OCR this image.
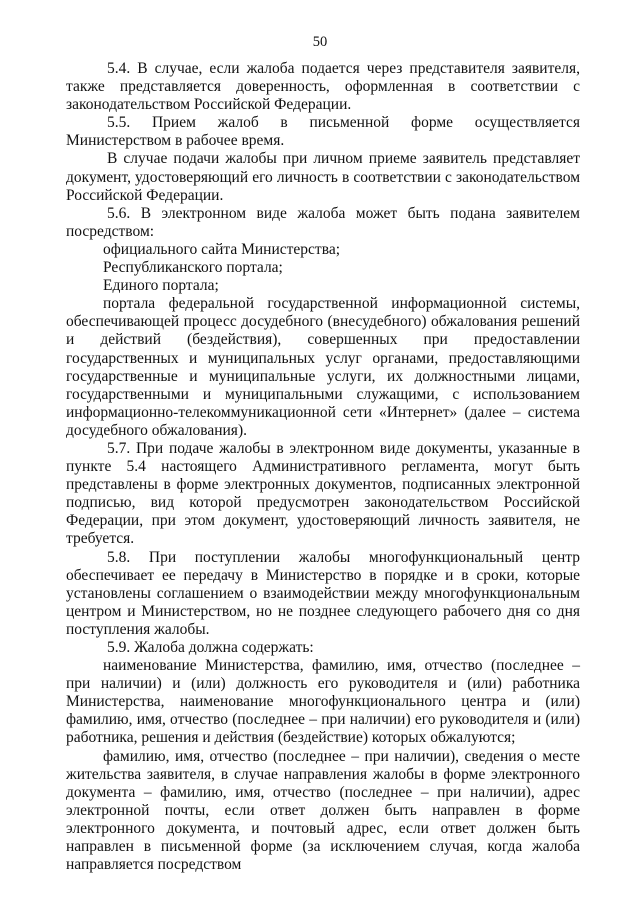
50

5.4. В случае, если жалоба подается через представителя заявителя, также представляется доверенность, оформленная в соответствии с законодательством Российской Федерации.

5.5. Прием жалоб в письменной форме осуществляется Министерством в рабочее время.

В случае подачи жалобы при личном приеме заявитель представляет документ, удостоверяющий его личность в соответствии с законодательством Российской Федерации.

5.6. В электронном виде жалоба может быть подана заявителем посредством:

официального сайта Министерства;

Республиканского портала;

Единого портала;

портала федеральной государственной информационной системы, обеспечивающей процесс досудебного (внесудебного) обжалования решений и действий (бездействия), совершенных при предоставлении государственных и муниципальных услуг органами, предоставляющими государственные и муниципальные услуги, их должностными лицами, государственными и муниципальными служащими, с использованием информационно-телекоммуникационной сети «Интернет» (далее – система досудебного обжалования).

5.7. При подаче жалобы в электронном виде документы, указанные в пункте 5.4 настоящего Административного регламента, могут быть представлены в форме электронных документов, подписанных электронной подписью, вид которой предусмотрен законодательством Российской Федерации, при этом документ, удостоверяющий личность заявителя, не требуется.

5.8. При поступлении жалобы многофункциональный центр обеспечивает ее передачу в Министерство в порядке и в сроки, которые установлены соглашением о взаимодействии между многофункциональным центром и Министерством, но не позднее следующего рабочего дня со дня поступления жалобы.

5.9. Жалоба должна содержать:

наименование Министерства, фамилию, имя, отчество (последнее – при наличии) и (или) должность его руководителя и (или) работника Министерства, наименование многофункционального центра и (или) фамилию, имя, отчество (последнее – при наличии) его руководителя и (или) работника, решения и действия (бездействие) которых обжалуются;

фамилию, имя, отчество (последнее – при наличии), сведения о месте жительства заявителя, в случае направления жалобы в форме электронного документа – фамилию, имя, отчество (последнее – при наличии), адрес электронной почты, если ответ должен быть направлен в форме электронного документа, и почтовый адрес, если ответ должен быть направлен в письменной форме (за исключением случая, когда жалоба направляется посредством
